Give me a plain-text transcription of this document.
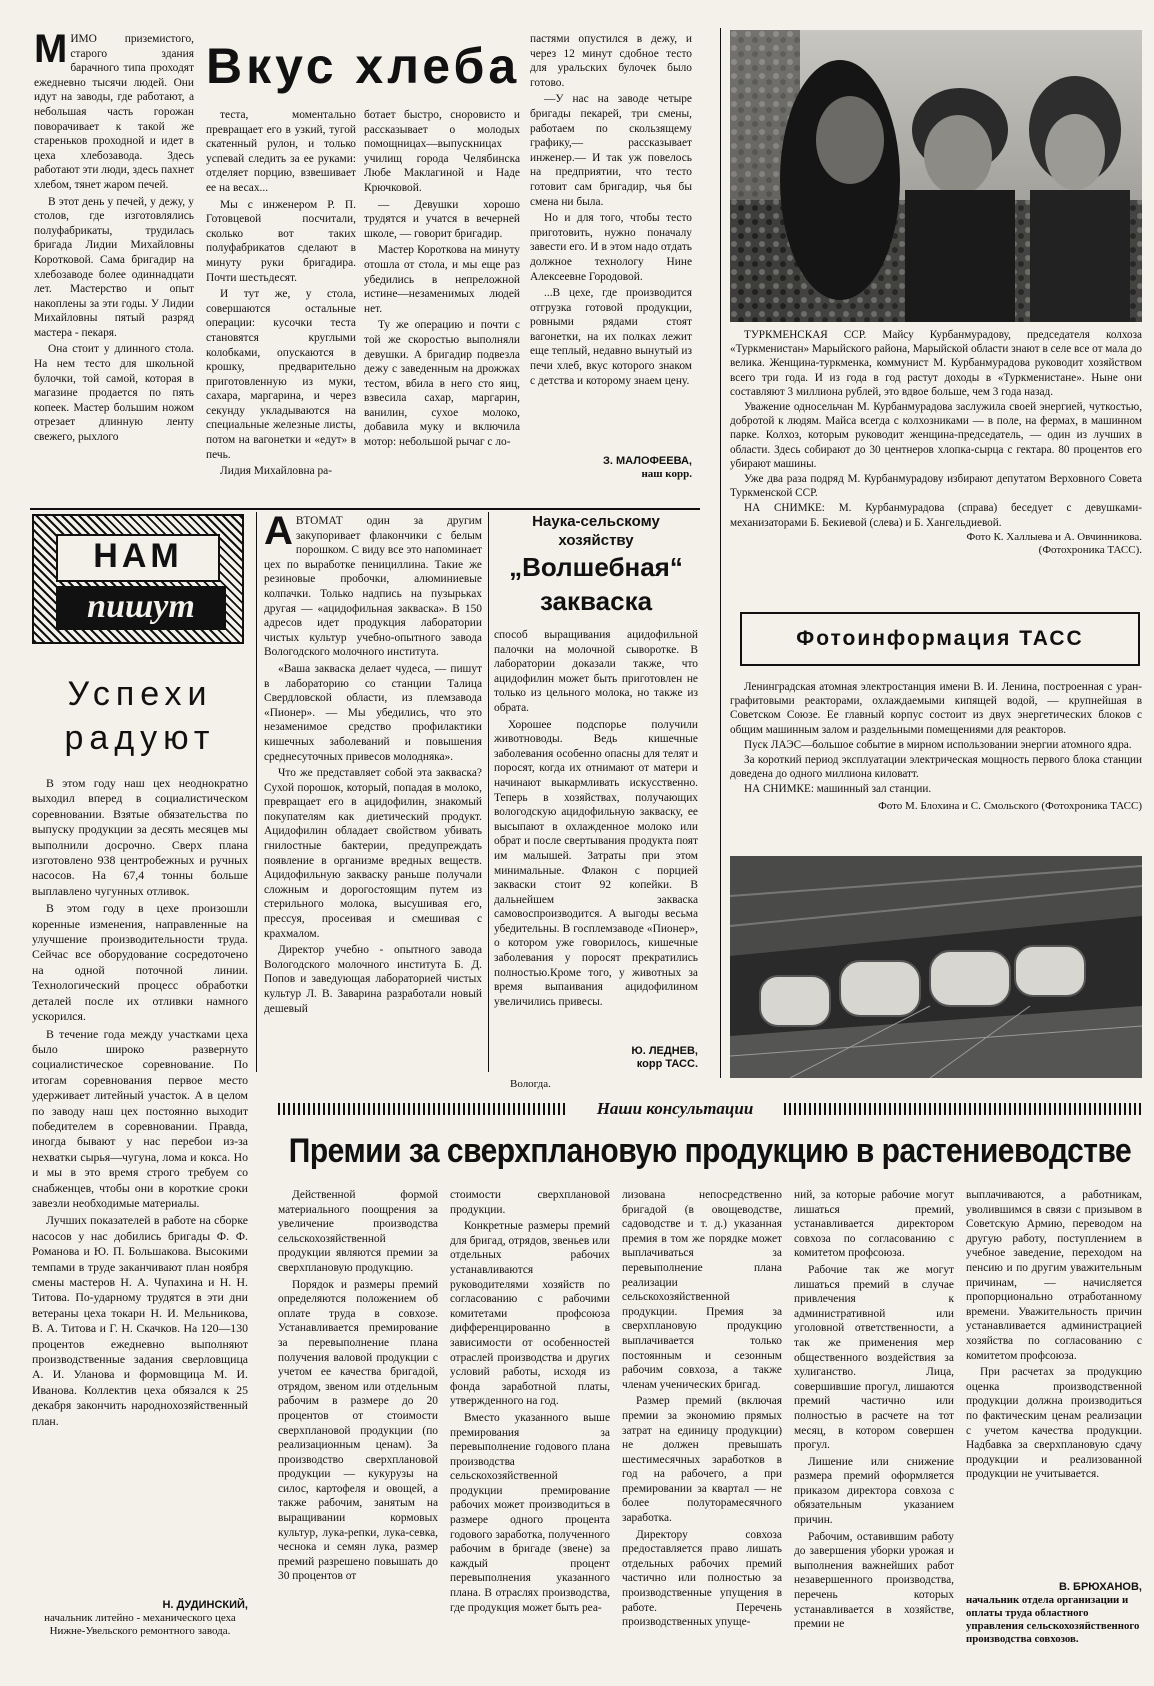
М ИМО приземистого, старого здания барачного типа проходят ежедневно тысячи людей. Они идут на заводы, где работают, а небольшая часть горожан поворачивает к такой же стареньков проходной и идет в цеха хлебозавода. Здесь работают эти люди, здесь пахнет хлебом, тянет жаром печей.

В этот день у печей, у дежу, у столов, где изготовлялись полуфабрикаты, трудилась бригада Лидии Михайловны Коротковой. Сама бригадир на хлебозаводе более одиннадцати лет. Мастерство и опыт накоплены за эти годы. У Лидии Михайловны пятый разряд мастера - пекаря.

Она стоит у длинного стола. На нем тесто для школьной булочки, той самой, которая в магазине продается по пять копеек. Мастер большим ножом отрезает длинную ленту свежего, рыхлого

Вкус хлеба

теста, моментально превращает его в узкий, тугой скатенный рулон, и только успевай следить за ее руками: отделяет порцию, взвешивает ее на весах...

Мы с инженером Р. П. Готовцевой посчитали, сколько вот таких полуфабрикатов сделают в минуту руки бригадира. Почти шестьдесят.

И тут же, у стола, совершаются остальные операции: кусочки теста становятся круглыми колобками, опускаются в крошку, предварительно приготовленную из муки, сахара, маргарина, и через секунду укладываются на специальные железные листы, потом на вагонетки и «едут» в печь.

Лидия Михайловна ра-

ботает быстро, сноровисто и рассказывает о молодых помощницах—выпускницах училищ города Челябинска Любе Маклагиной и Наде Крючковой.

— Девушки хорошо трудятся и учатся в вечерней школе, — говорит бригадир.

Мастер Короткова на минуту отошла от стола, и мы еще раз убедились в непреложной истине—незаменимых людей нет.

Ту же операцию и почти с той же скоростью выполняли девушки. А бригадир подвезла дежу с заведенным на дрожжах тестом, вбила в него сто яиц, взвесила сахар, маргарин, ванилин, сухое молоко, добавила муку и включила мотор: небольшой рычаг с ло-

пастями опустился в дежу, и через 12 минут сдобное тесто для уральских булочек было готово.

—У нас на заводе четыре бригады пекарей, три смены, работаем по скользящему графику,— рассказывает инженер.— И так уж повелось на предприятии, что тесто готовит сам бригадир, чья бы смена ни была.

Но и для того, чтобы тесто приготовить, нужно поначалу завести его. И в этом надо отдать должное технологу Нине Алексеевне Городовой.

...В цехе, где производится отгрузка готовой продукции, ровными рядами стоят вагонетки, на их полках лежит еще теплый, недавно вынутый из печи хлеб, вкус которого знаком с детства и которому знаем цену.

З. МАЛОФЕЕВА,
наш корр.

ТУРКМЕНСКАЯ ССР. Майсу Курбанмурадову, председателя колхоза «Туркменистан» Марыйского района, Марыйской области знают в селе все от мала до велика. Женщина-туркменка, коммунист М. Курбанмурадова руководит хозяйством всего три года. И из года в год растут доходы в «Туркменистане». Ныне они составляют 3 миллиона рублей, это вдвое больше, чем 3 года назад.

Уважение односельчан М. Курбанмурадова заслужила своей энергией, чуткостью, добротой к людям. Майса всегда с колхозниками — в поле, на фермах, в машинном парке. Колхоз, которым руководит женщина-председатель, — один из лучших в области. Здесь собирают до 30 центнеров хлопка-сырца с гектара. 80 процентов его убирают машины.

Уже два раза подряд М. Курбанмурадову избирают депутатом Верховного Совета Туркменской ССР.

НА СНИМКЕ: М. Курбанмурадова (справа) беседует с девушками-механизаторами Б. Бекиевой (слева) и Б. Хангельдиевой.

Фото К. Халлыева и А. Овчинникова.
(Фотохроника ТАСС).
Фотоинформация ТАСС

Ленинградская атомная электростанция имени В. И. Ленина, построенная с уран-графитовыми реакторами, охлаждаемыми кипящей водой, — крупнейшая в Советском Союзе. Ее главный корпус состоит из двух энергетических блоков с общим машинным залом и раздельными помещениями для реакторов.

Пуск ЛАЭС—большое событие в мирном использовании энергии атомного ядра.

За короткий период эксплуатации электрическая мощность первого блока станции доведена до одного миллиона киловатт.

НА СНИМКЕ: машинный зал станции.

Фото М. Блохина и С. Смольского (Фотохроника ТАСС)
НАМ
пишут
Успехи
радуют

В этом году наш цех неоднократно выходил вперед в социалистическом соревновании. Взятые обязательства по выпуску продукции за десять месяцев мы выполнили досрочно. Сверх плана изготовлено 938 центробежных и ручных насосов. На 67,4 тонны больше выплавлено чугунных отливок.

В этом году в цехе произошли коренные изменения, направленные на улучшение производительности труда. Сейчас все оборудование сосредоточено на одной поточной линии. Технологический процесс обработки деталей после их отливки намного ускорился.

В течение года между участками цеха было широко развернуто социалистическое соревнование. По итогам соревнования первое место удерживает литейный участок. А в целом по заводу наш цех постоянно выходит победителем в соревновании. Правда, иногда бывают у нас перебои из-за нехватки сырья—чугуна, лома и кокса. Но и мы в это время строго требуем со снабженцев, чтобы они в короткие сроки завезли необходимые материалы.

Лучших показателей в работе на сборке насосов у нас добились бригады Ф. Ф. Романова и Ю. П. Большакова. Высокими темпами в труде заканчивают план ноября смены мастеров Н. А. Чупахина и Н. Н. Титова. По-ударному трудятся в эти дни ветераны цеха токари Н. И. Мельникова, В. А. Титова и Г. Н. Скачков. На 120—130 процентов ежедневно выполняют производственные задания сверловщица А. И. Уланова и формовщица М. И. Иванова. Коллектив цеха обязался к 25 декабря закончить народнохозяйственный план.

Н. ДУДИНСКИЙ,
начальник литейно - механического цеха Нижне-Увельского ремонтного завода.
А ВТОМАТ один за другим закупоривает флакончики с белым порошком. С виду все это напоминает цех по выработке пенициллина. Такие же резиновые пробочки, алюминиевые колпачки. Только надпись на пузырьках другая — «ацидофильная закваска». В 150 адресов идет продукция лаборатории чистых культур учебно-опытного завода Вологодского молочного института.

«Ваша закваска делает чудеса, — пишут в лабораторию со станции Талица Свердловской области, из племзавода «Пионер». — Мы убедились, что это незаменимое средство профилактики кишечных заболеваний и повышения среднесуточных привесов молодняка».

Что же представляет собой эта закваска? Сухой порошок, который, попадая в молоко, превращает его в ацидофилин, знакомый покупателям как диетический продукт. Ацидофилин обладает свойством убивать гнилостные бактерии, предупреждать появление в организме вредных веществ. Ацидофильную закваску раньше получали сложным и дорогостоящим путем из стерильного молока, высушивая его, прессуя, просеивая и смешивая с крахмалом.

Директор учебно - опытного завода Вологодского молочного института Б. Д. Попов и заведующая лабораторией чистых культур Л. В. Заварина разработали новый дешевый

Наука-сельскому
хозяйству
„Волшебная“
закваска

способ выращивания ацидофильной палочки на молочной сыворотке. В лаборатории доказали также, что ацидофилин может быть приготовлен не только из цельного молока, но также из обрата.

Хорошее подспорье получили животноводы. Ведь кишечные заболевания особенно опасны для телят и поросят, когда их отнимают от матери и начинают выкармливать искусственно. Теперь в хозяйствах, получающих вологодскую ацидофильную закваску, ее высыпают в охлажденное молоко или обрат и после свертывания продукта поят им малышей. Затраты при этом минимальные. Флакон с порцией закваски стоит 92 копейки. В дальнейшем закваска самовоспроизводится. А выгоды весьма убедительны. В госплемзаводе «Пионер», о котором уже говорилось, кишечные заболевания у поросят прекратились полностью.Кроме того, у животных за время выпаивания ацидофилином увеличились привесы.

Ю. ЛЕДНЕВ,
корр ТАСС.
Вологда.
Наши консультации
Премии за сверхплановую продукцию в растениеводстве

Действенной формой материального поощрения за увеличение производства сельскохозяйственной продукции являются премии за сверхплановую продукцию.

Порядок и размеры премий определяются положением об оплате труда в совхозе. Устанавливается премирование за перевыполнение плана получения валовой продукции с учетом ее качества бригадой, отрядом, звеном или отдельным рабочим в размере до 20 процентов от стоимости сверхплановой продукции (по реализационным ценам). За производство сверхплановой продукции — кукурузы на силос, картофеля и овощей, а также рабочим, занятым на выращивании кормовых культур, лука-репки, лука-севка, чеснока и семян лука, размер премий разрешено повышать до 30 процентов от

стоимости сверхплановой продукции.

Конкретные размеры премий для бригад, отрядов, звеньев или отдельных рабочих устанавливаются руководителями хозяйств по согласованию с рабочими комитетами профсоюза дифференцированно в зависимости от особенностей отраслей производства и других условий работы, исходя из фонда заработной платы, утвержденного на год.

Вместо указанного выше премирования за перевыполнение годового плана производства сельскохозяйственной продукции премирование рабочих может производиться в размере одного процента годового заработка, полученного рабочим в бригаде (звене) за каждый процент перевыполнения указанного плана. В отраслях производства, где продукция может быть реа-

лизована непосредственно бригадой (в овощеводстве, садоводстве и т. д.) указанная премия в том же порядке может выплачиваться за перевыполнение плана реализации сельскохозяйственной продукции. Премия за сверхплановую продукцию выплачивается только постоянным и сезонным рабочим совхоза, а также членам ученических бригад.

Размер премий (включая премии за экономию прямых затрат на единицу продукции) не должен превышать шестимесячных заработков в год на рабочего, а при премировании за квартал — не более полуторамесячного заработка.

Директору совхоза предоставляется право лишать отдельных рабочих премий частично или полностью за производственные упущения в работе. Перечень производственных упуще-

ний, за которые рабочие могут лишаться премий, устанавливается директором совхоза по согласованию с комитетом профсоюза.

Рабочие так же могут лишаться премий в случае привлечения к административной или уголовной ответственности, а так же применения мер общественного воздействия за хулиганство. Лица, совершившие прогул, лишаются премий частично или полностью в расчете на тот месяц, в котором совершен прогул.

Лишение или снижение размера премий оформляется приказом директора совхоза с обязательным указанием причин.

Рабочим, оставившим работу до завершения уборки урожая и выполнения важнейших работ незавершенного производства, перечень которых устанавливается в хозяйстве, премии не

выплачиваются, а работникам, уволившимся в связи с призывом в Советскую Армию, переводом на другую работу, поступлением в учебное заведение, переходом на пенсию и по другим уважительным причинам, — начисляется пропорционально отработанному времени. Уважительность причин устанавливается администрацией хозяйства по согласованию с комитетом профсоюза.

При расчетах за продукцию оценка производственной продукции должна производиться по фактическим ценам реализации с учетом качества продукции. Надбавка за сверхплановую сдачу продукции и реализованной продукции не учитывается.

В. БРЮХАНОВ,
начальник отдела организации и оплаты труда областного управления сельскохозяйственного производства совхозов.
